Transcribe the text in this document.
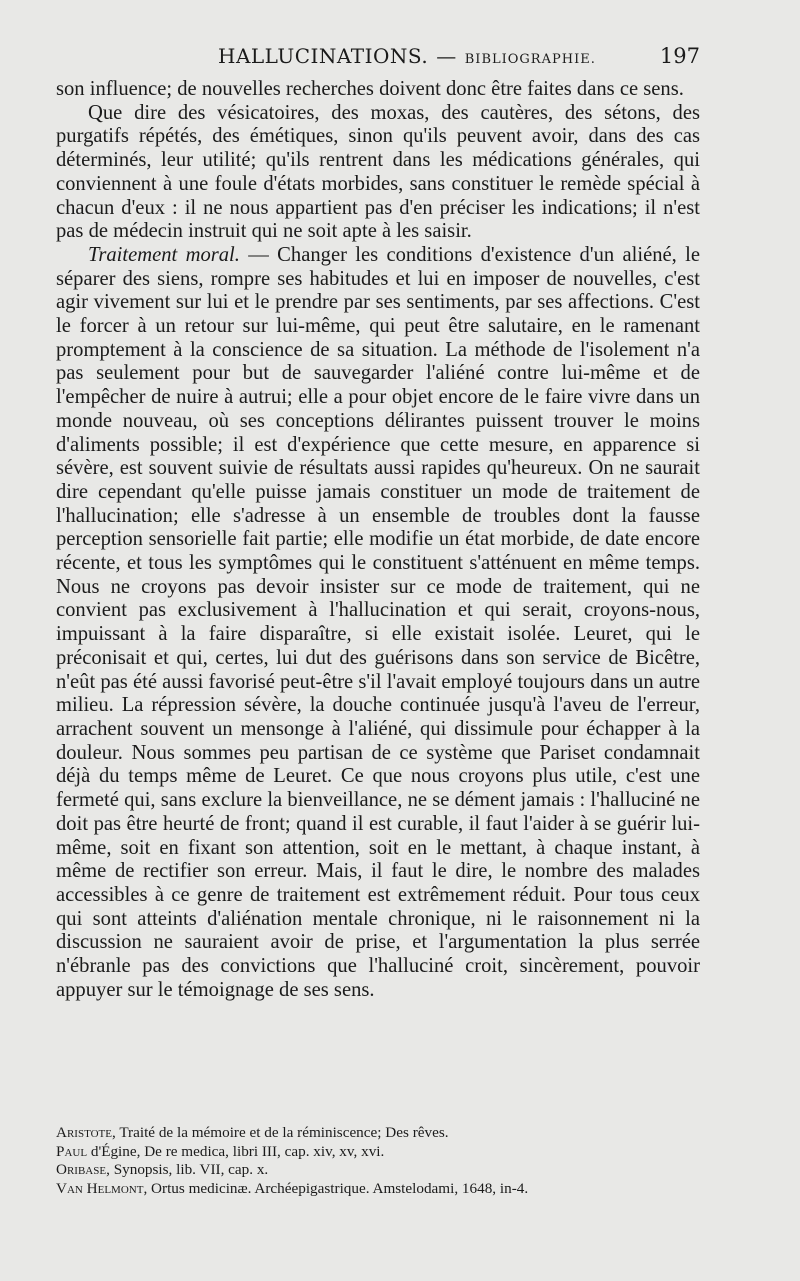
HALLUCINATIONS. — BIBLIOGRAPHIE.	197

son influence; de nouvelles recherches doivent donc être faites dans ce sens.

Que dire des vésicatoires, des moxas, des cautères, des sétons, des purgatifs répétés, des émétiques, sinon qu'ils peuvent avoir, dans des cas déterminés, leur utilité; qu'ils rentrent dans les médications générales, qui conviennent à une foule d'états morbides, sans constituer le remède spécial à chacun d'eux : il ne nous appartient pas d'en préciser les indications; il n'est pas de médecin instruit qui ne soit apte à les saisir.

Traitement moral. — Changer les conditions d'existence d'un aliéné, le séparer des siens, rompre ses habitudes et lui en imposer de nouvelles, c'est agir vivement sur lui et le prendre par ses sentiments, par ses affections. C'est le forcer à un retour sur lui-même, qui peut être salutaire, en le ramenant promptement à la conscience de sa situation. La méthode de l'isolement n'a pas seulement pour but de sauvegarder l'aliéné contre lui-même et de l'empêcher de nuire à autrui; elle a pour objet encore de le faire vivre dans un monde nouveau, où ses conceptions délirantes puissent trouver le moins d'aliments possible; il est d'expérience que cette mesure, en apparence si sévère, est souvent suivie de résultats aussi rapides qu'heureux. On ne saurait dire cependant qu'elle puisse jamais constituer un mode de traitement de l'hallucination; elle s'adresse à un ensemble de troubles dont la fausse perception sensorielle fait partie; elle modifie un état morbide, de date encore récente, et tous les symptômes qui le constituent s'atténuent en même temps. Nous ne croyons pas devoir insister sur ce mode de traitement, qui ne convient pas exclusivement à l'hallucination et qui serait, croyons-nous, impuissant à la faire disparaître, si elle existait isolée. Leuret, qui le préconisait et qui, certes, lui dut des guérisons dans son service de Bicêtre, n'eût pas été aussi favorisé peut-être s'il l'avait employé toujours dans un autre milieu. La répression sévère, la douche continuée jusqu'à l'aveu de l'erreur, arrachent souvent un mensonge à l'aliéné, qui dissimule pour échapper à la douleur. Nous sommes peu partisan de ce système que Pariset condamnait déjà du temps même de Leuret. Ce que nous croyons plus utile, c'est une fermeté qui, sans exclure la bienveillance, ne se dément jamais : l'halluciné ne doit pas être heurté de front; quand il est curable, il faut l'aider à se guérir lui-même, soit en fixant son attention, soit en le mettant, à chaque instant, à même de rectifier son erreur. Mais, il faut le dire, le nombre des malades accessibles à ce genre de traitement est extrêmement réduit. Pour tous ceux qui sont atteints d'aliénation mentale chronique, ni le raisonnement ni la discussion ne sauraient avoir de prise, et l'argumentation la plus serrée n'ébranle pas des convictions que l'halluciné croit, sincèrement, pouvoir appuyer sur le témoignage de ses sens.

Aristote, Traité de la mémoire et de la réminiscence; Des rêves.
Paul d'Égine, De re medica, libri III, cap. xiv, xv, xvi.
Oribase, Synopsis, lib. VII, cap. x.
Van Helmont, Ortus medicinæ. Archéepigastrique. Amstelodami, 1648, in-4.
